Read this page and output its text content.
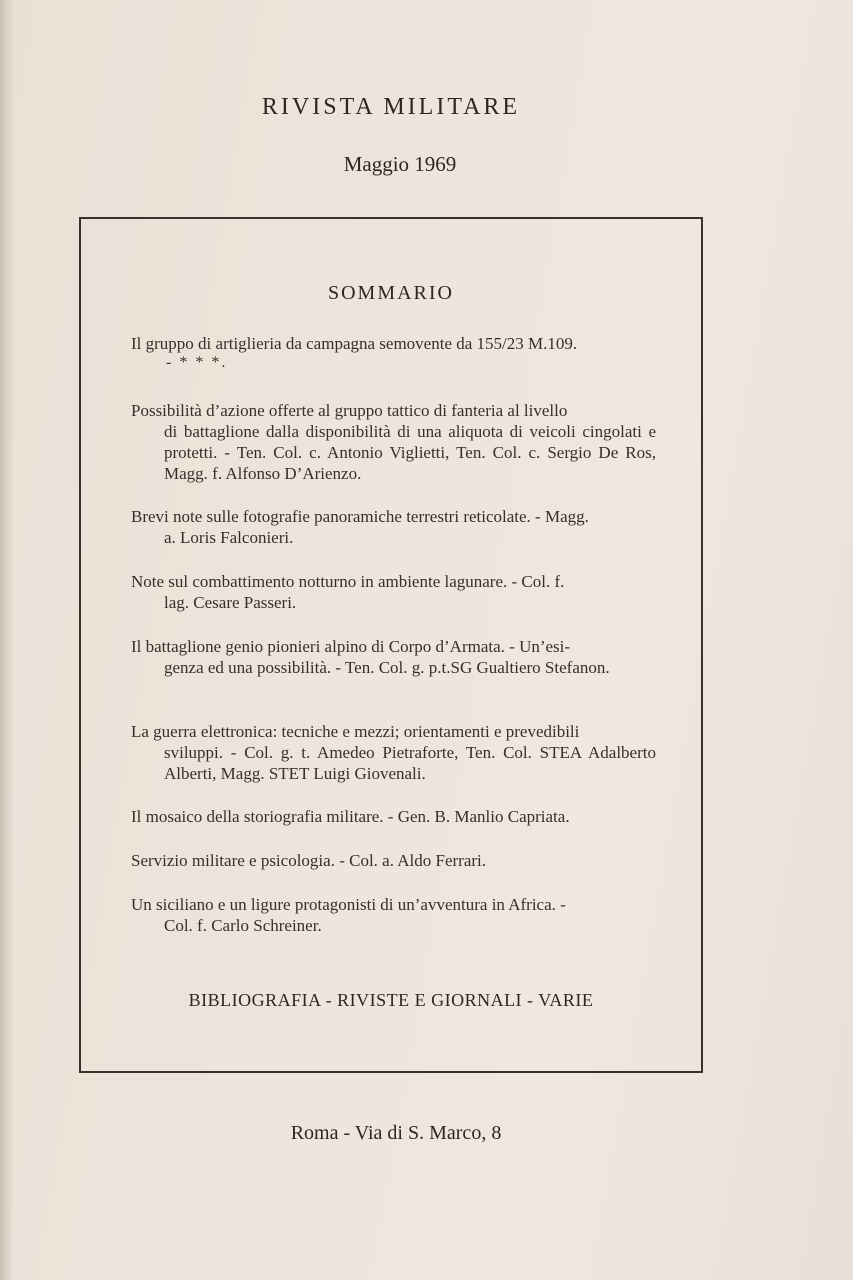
RIVISTA MILITARE
Maggio 1969
SOMMARIO
Il gruppo di artiglieria da campagna semovente da 155/23 M.109.
- * * *.
Possibilità d’azione offerte al gruppo tattico di fanteria al livello
di battaglione dalla disponibilità di una aliquota di veicoli cingolati e protetti. - Ten. Col. c. Antonio Viglietti, Ten. Col. c. Sergio De Ros, Magg. f. Alfonso D’Arienzo.
Brevi note sulle fotografie panoramiche terrestri reticolate. - Magg.
a. Loris Falconieri.
Note sul combattimento notturno in ambiente lagunare. - Col. f.
lag. Cesare Passeri.
Il battaglione genio pionieri alpino di Corpo d’Armata. - Un’esi-
genza ed una possibilità. - Ten. Col. g. p.t.SG Gualtiero Stefanon.
La guerra elettronica: tecniche e mezzi; orientamenti e prevedibili
sviluppi. - Col. g. t. Amedeo Pietraforte, Ten. Col. STEA Adalberto Alberti, Magg. STET Luigi Giovenali.
Il mosaico della storiografia militare. - Gen. B. Manlio Capriata.
Servizio militare e psicologia. - Col. a. Aldo Ferrari.
Un siciliano e un ligure protagonisti di un’avventura in Africa. -
Col. f. Carlo Schreiner.
BIBLIOGRAFIA - RIVISTE E GIORNALI - VARIE
Roma - Via di S. Marco, 8
